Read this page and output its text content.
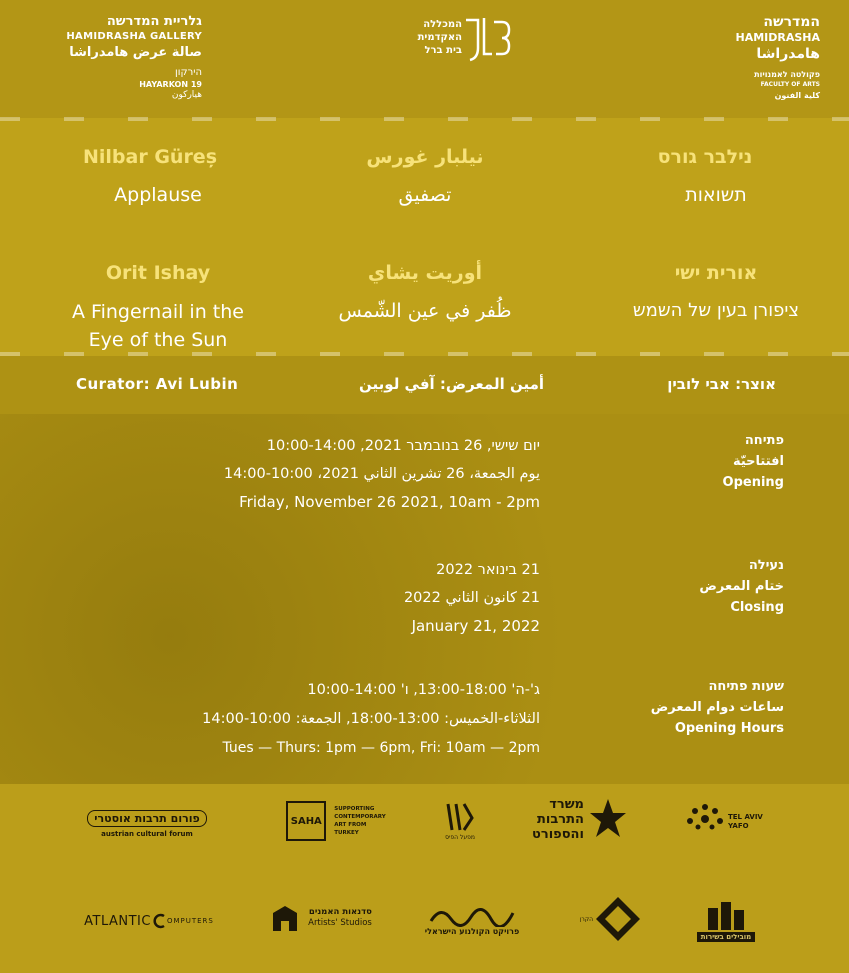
גלריית המדרשה
HAMIDRASHA GALLERY
صالة عرض هامدراشا
הירקון
19 HAYARKON
هياركون
המכללה
האקדמית
בית ברל
המדרשה
HAMIDRASHA
هامدراشا
פקולטה לאמנויות
FACULTY OF ARTS
كلية الفنون
Nilbar Güreș	نيلبار غورس	נילבר גורס
Applause	تصفيق	תשואות
Orit Ishay	أوريت يشاي	אורית ישי
A Fingernail in the
Eye of the Sun
ظُفر في عين الشّمس	ציפורן בעין של השמש
Curator: Avi Lubin	أمين المعرض: آفي لوبين	אוצר: אבי לובין
פתיחה
افتتاحيّة
Opening
יום שישי, 26 בנובמבר 2021, 10:00-14:00
يوم الجمعة، 26 تشرين الثاني 2021، 10:00-14:00
Friday, November 26 2021, 10am - 2pm
נעילה
ختام المعرض
Closing
21 בינואר 2022
21 كانون الثاني 2022
January 21, 2022
שעות פתיחה
ساعات دوام المعرض
Opening Hours
ג'-ה' 13:00-18:00, ו' 10:00-14:00
الثلاثاء-الخميس: 13:00-18:00, الجمعة: 10:00-14:00
Tues — Thurs: 1pm — 6pm, Fri: 10am — 2pm
TEL AVIV YAFO
משרד
התרבות
והספורט
מפעל הפיס
SAHA
SUPPORTING
CONTEMPORARY
ART FROM
TURKEY
פורום תרבות אוסטרי
austrian cultural forum
מובילים בשירות
הקרן
פרויקט הקולנוע הישראלי
סדנאות האמנים
Artists' Studios
ATLANTIC OMPUTERS
